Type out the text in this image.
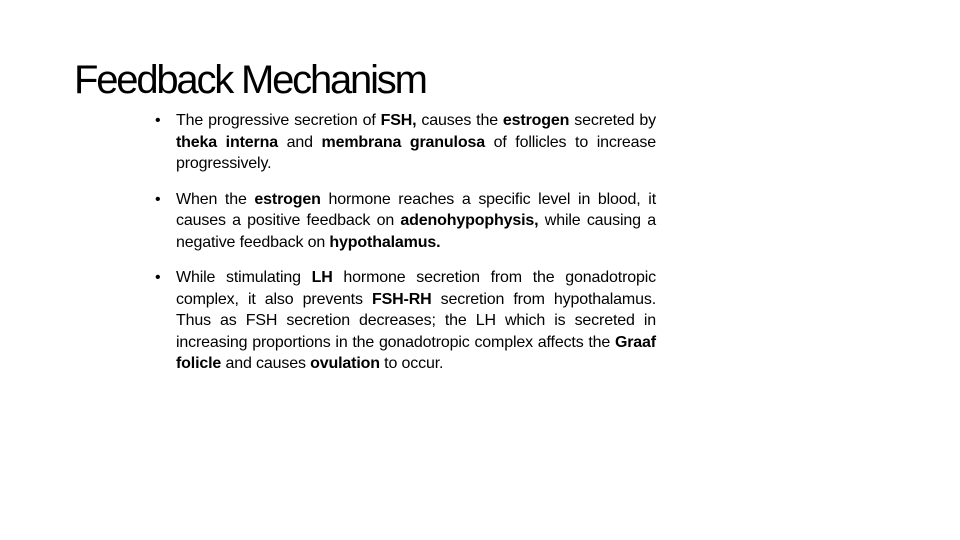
Feedback Mechanism
• The progressive secretion of FSH, causes the estrogen secreted by theka interna and membrana granulosa of follicles to increase progressively.
• When the estrogen hormone reaches a specific level in blood, it causes a positive feedback on adenohypophysis, while causing a negative feedback on hypothalamus.
• While stimulating LH hormone secretion from the gonadotropic complex, it also prevents FSH-RH secretion from hypothalamus. Thus as FSH secretion decreases; the LH which is secreted in increasing proportions in the gonadotropic complex affects the Graaf folicle and causes ovulation to occur.
